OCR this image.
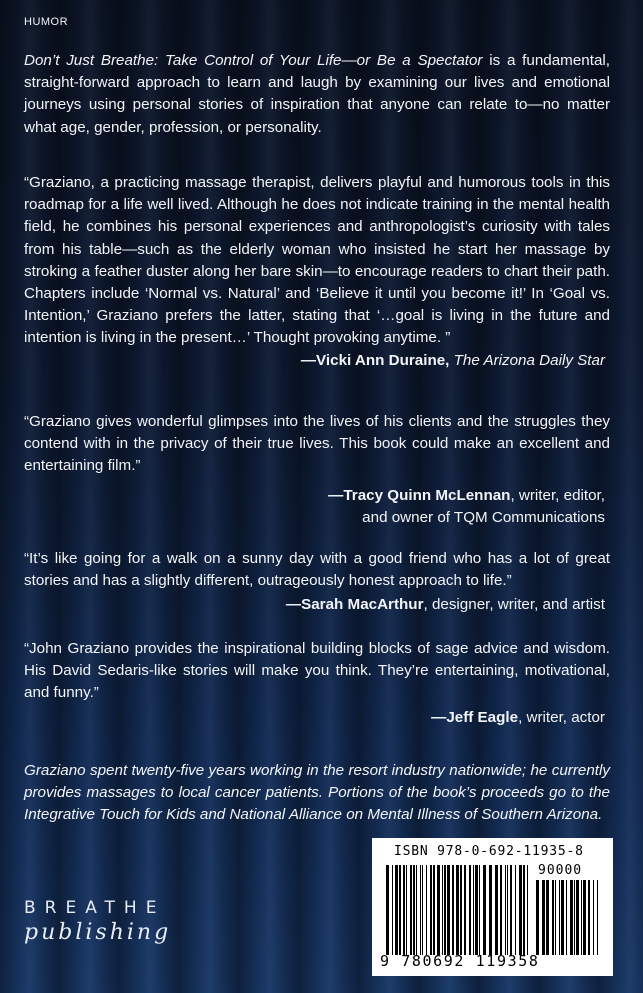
HUMOR
Don’t Just Breathe: Take Control of Your Life—or Be a Spectator is a fundamental, straight-forward approach to learn and laugh by examining our lives and emotional journeys using personal stories of inspiration that anyone can relate to—no matter what age, gender, profession, or personality.
“Graziano, a practicing massage therapist, delivers playful and humorous tools in this roadmap for a life well lived. Although he does not indicate training in the mental health field, he combines his personal experiences and anthropologist’s curiosity with tales from his table—such as the elderly woman who insisted he start her massage by stroking a feather duster along her bare skin—to encourage readers to chart their path. Chapters include ‘Normal vs. Natural’ and ‘Believe it until you become it!’ In ‘Goal vs. Intention,’ Graziano prefers the latter, stating that ‘…goal is living in the future and intention is living in the present…’ Thought provoking anytime. ”
—Vicki Ann Duraine, The Arizona Daily Star
“Graziano gives wonderful glimpses into the lives of his clients and the struggles they contend with in the privacy of their true lives. This book could make an excellent and entertaining film.”
—Tracy Quinn McLennan, writer, editor,
and owner of TQM Communications
“It’s like going for a walk on a sunny day with a good friend who has a lot of great stories and has a slightly different, outrageously honest approach to life.”
—Sarah MacArthur, designer, writer, and artist
“John Graziano provides the inspirational building blocks of sage advice and wisdom. His David Sedaris-like stories will make you think. They’re entertaining, motivational, and funny.”
—Jeff Eagle, writer, actor
Graziano spent twenty-five years working in the resort industry nationwide; he currently provides massages to local cancer patients. Portions of the book’s proceeds go to the Integrative Touch for Kids and National Alliance on Mental Illness of Southern Arizona.
BREATHE
publishing
ISBN 978-0-692-11935-8
90000
9 780692 119358
